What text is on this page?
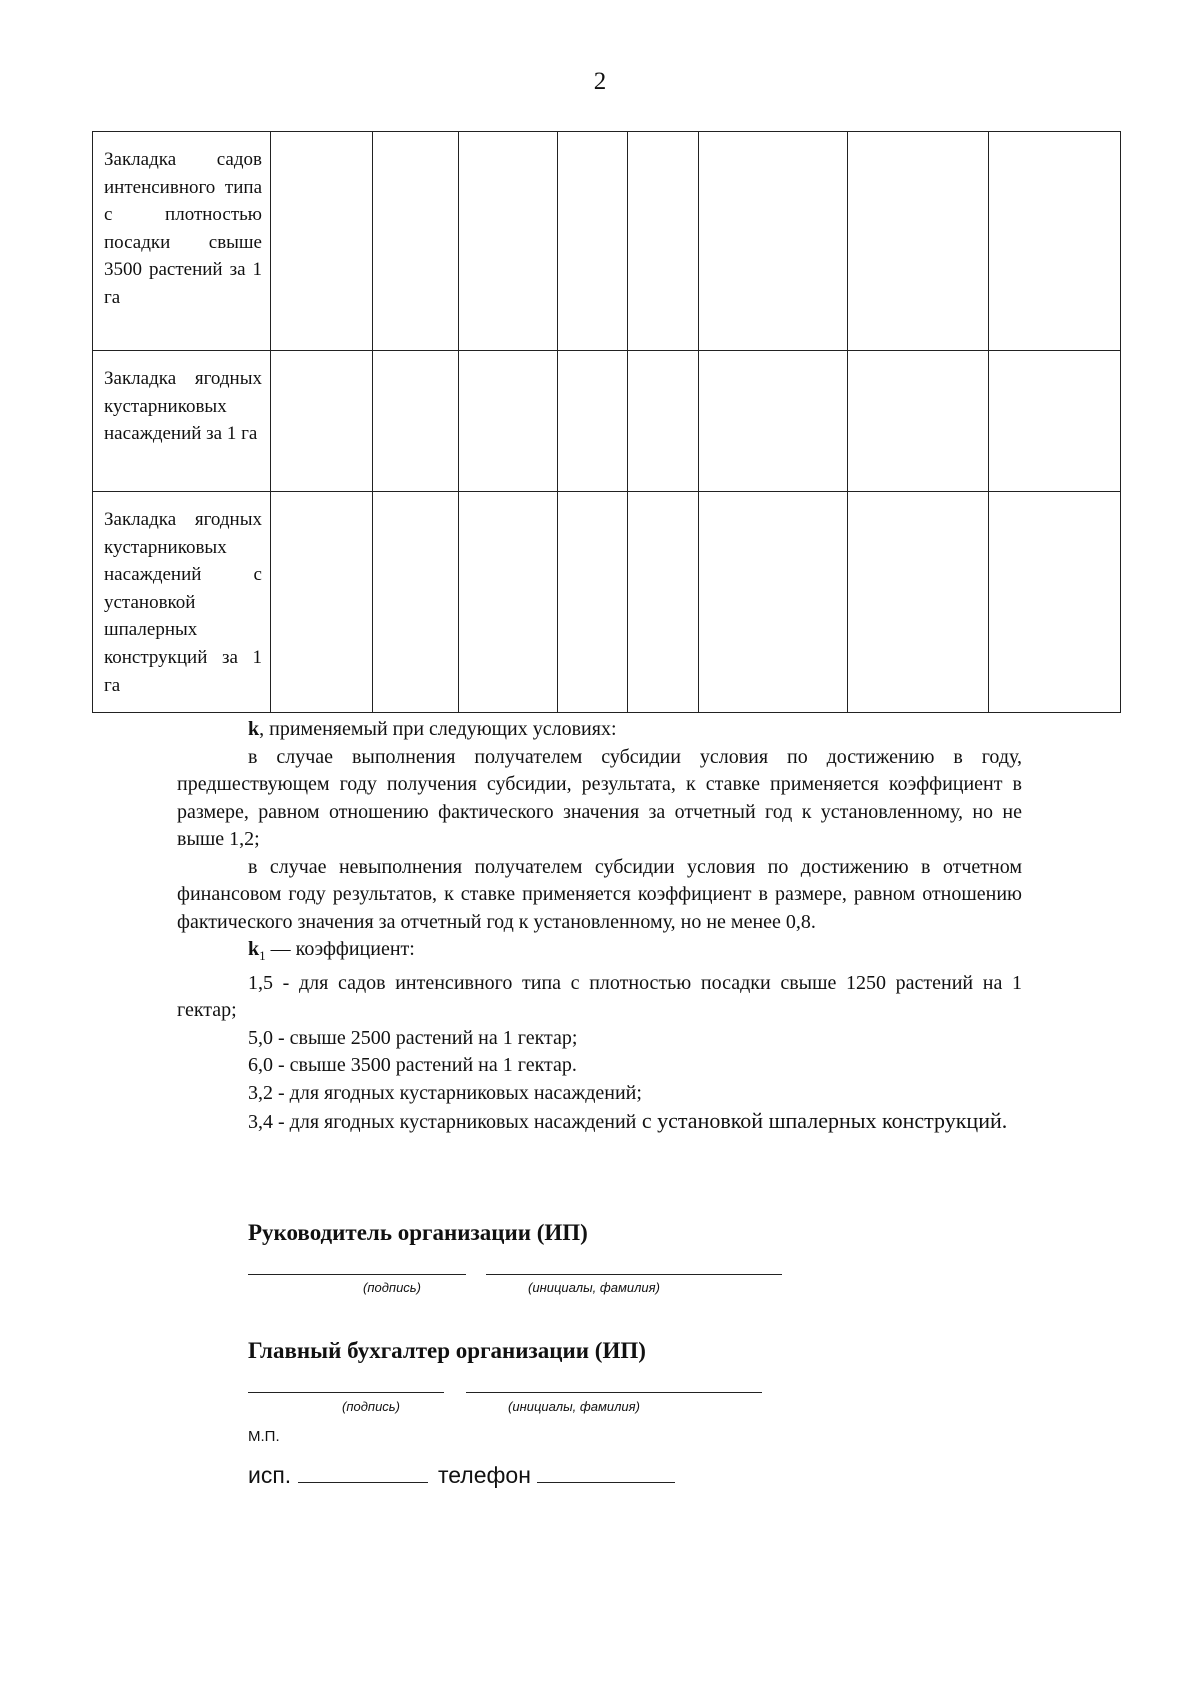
2
Закладка садов интенсивного типа с плотностью посадки свыше 3500 растений за 1 га								
Закладка ягодных кустарниковых насаждений за 1 га								
Закладка ягодных кустарниковых насаждений с установкой шпалерных конструкций за 1 га								

k, применяемый при следующих условиях:

в случае выполнения получателем субсидии условия по достижению в году, предшествующем году получения субсидии, результата, к ставке применяется коэффициент в размере, равном отношению фактического значения за отчетный год к установленному, но не выше 1,2;

в случае невыполнения получателем субсидии условия по достижению в отчетном финансовом году результатов, к ставке применяется коэффициент в размере, равном отношению фактического значения за отчетный год к установленному, но не менее 0,8.

$k_1$ — коэффициент:

1,5 - для садов интенсивного типа с плотностью посадки свыше 1250 растений на 1 гектар;

5,0 - свыше 2500 растений на 1 гектар;

6,0 - свыше 3500 растений на 1 гектар.

3,2 - для ягодных кустарниковых насаждений;

3,4 - для ягодных кустарниковых насаждений с установкой шпалерных конструкций.

Руководитель организации (ИП)
(подпись)	(инициалы, фамилия)
Главный бухгалтер организации (ИП)
(подпись)	(инициалы, фамилия)
М.П.
исп.	телефон
